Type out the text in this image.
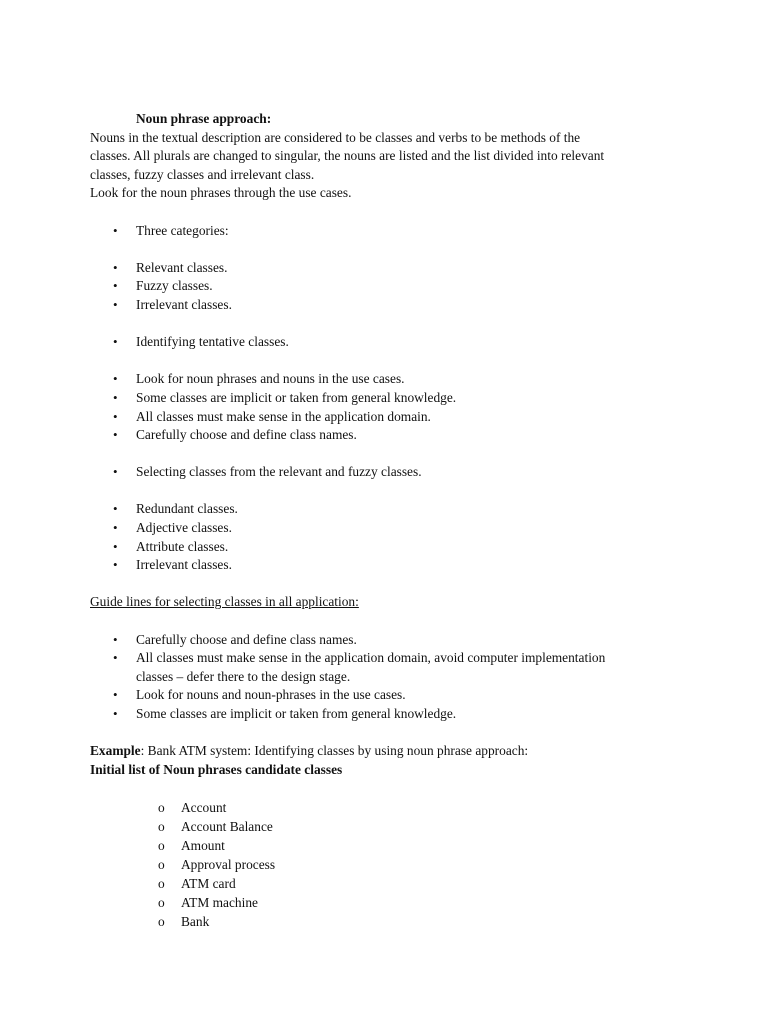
Noun phrase approach:
Nouns in the textual description are considered to be classes and verbs to be methods of the
classes. All plurals are changed to singular, the nouns are listed and the list divided into relevant
classes, fuzzy classes and irrelevant class.
Look for the noun phrases through the use cases.
• Three categories:
• Relevant classes.
• Fuzzy classes.
• Irrelevant classes.
• Identifying tentative classes.
• Look for noun phrases and nouns in the use cases.
• Some classes are implicit or taken from general knowledge.
• All classes must make sense in the application domain.
• Carefully choose and define class names.
• Selecting classes from the relevant and fuzzy classes.
• Redundant classes.
• Adjective classes.
• Attribute classes.
• Irrelevant classes.
Guide lines for selecting classes in all application:
• Carefully choose and define class names.
• All classes must make sense in the application domain, avoid computer implementation
classes – defer there to the design stage.
• Look for nouns and noun-phrases in the use cases.
• Some classes are implicit or taken from general knowledge.
Example: Bank ATM system: Identifying classes by using noun phrase approach:
Initial list of Noun phrases candidate classes
o Account
o Account Balance
o Amount
o Approval process
o ATM card
o ATM machine
o Bank
